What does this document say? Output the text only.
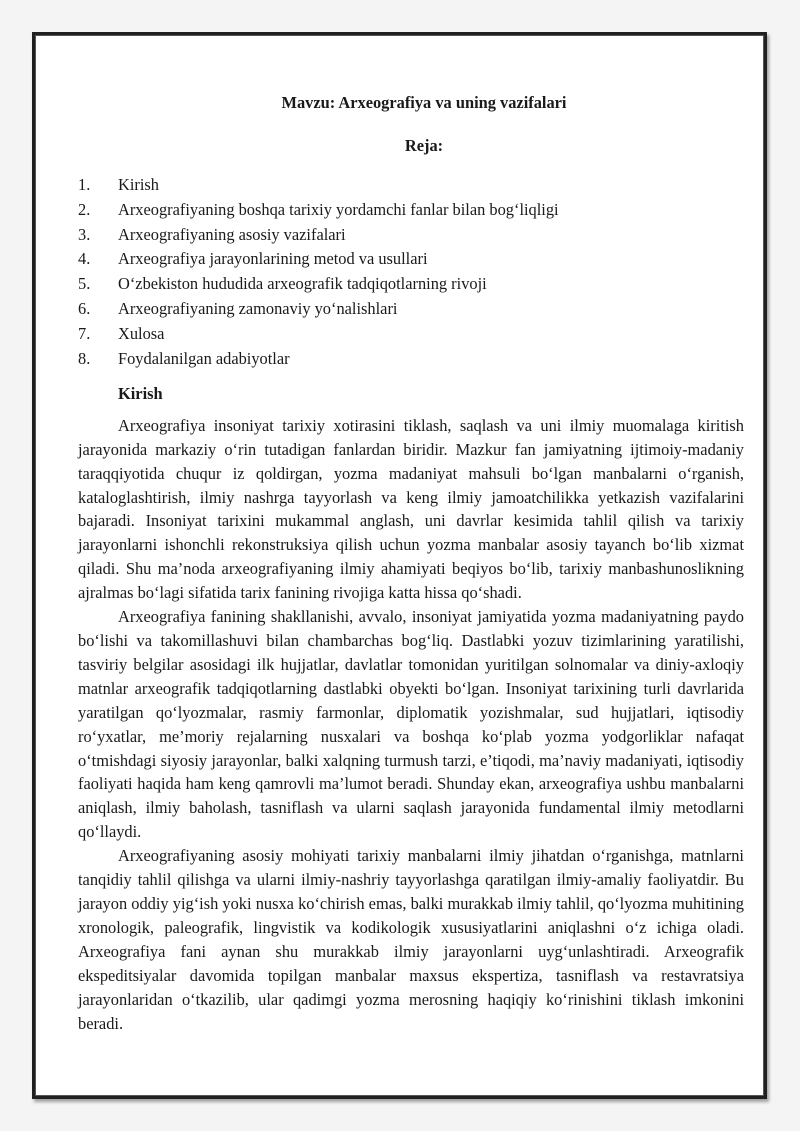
Mavzu: Arxeografiya va uning vazifalari
Reja:
1.	Kirish
2.	Arxeografiyaning boshqa tarixiy yordamchi fanlar bilan bog‘liqligi
3.	Arxeografiyaning asosiy vazifalari
4.	Arxeografiya jarayonlarining metod va usullari
5.	O‘zbekiston hududida arxeografik tadqiqotlarning rivoji
6.	Arxeografiyaning zamonaviy yo‘nalishlari
7.	Xulosa
8.	Foydalanilgan adabiyotlar
Kirish

Arxeografiya insoniyat tarixiy xotirasini tiklash, saqlash va uni ilmiy muomalaga kiritish jarayonida markaziy o‘rin tutadigan fanlardan biridir. Mazkur fan jamiyatning ijtimoiy-madaniy taraqqiyotida chuqur iz qoldirgan, yozma madaniyat mahsuli bo‘lgan manbalarni o‘rganish, kataloglashtirish, ilmiy nashrga tayyorlash va keng ilmiy jamoatchilikka yetkazish vazifalarini bajaradi. Insoniyat tarixini mukammal anglash, uni davrlar kesimida tahlil qilish va tarixiy jarayonlarni ishonchli rekonstruksiya qilish uchun yozma manbalar asosiy tayanch bo‘lib xizmat qiladi. Shu ma’noda arxeografiyaning ilmiy ahamiyati beqiyos bo‘lib, tarixiy manbashunoslikning ajralmas bo‘lagi sifatida tarix fanining rivojiga katta hissa qo‘shadi.

Arxeografiya fanining shakllanishi, avvalo, insoniyat jamiyatida yozma madaniyatning paydo bo‘lishi va takomillashuvi bilan chambarchas bog‘liq. Dastlabki yozuv tizimlarining yaratilishi, tasviriy belgilar asosidagi ilk hujjatlar, davlatlar tomonidan yuritilgan solnomalar va diniy-axloqiy matnlar arxeografik tadqiqotlarning dastlabki obyekti bo‘lgan. Insoniyat tarixining turli davrlarida yaratilgan qo‘lyozmalar, rasmiy farmonlar, diplomatik yozishmalar, sud hujjatlari, iqtisodiy ro‘yxatlar, me’moriy rejalarning nusxalari va boshqa ko‘plab yozma yodgorliklar nafaqat o‘tmishdagi siyosiy jarayonlar, balki xalqning turmush tarzi, e’tiqodi, ma’naviy madaniyati, iqtisodiy faoliyati haqida ham keng qamrovli ma’lumot beradi. Shunday ekan, arxeografiya ushbu manbalarni aniqlash, ilmiy baholash, tasniflash va ularni saqlash jarayonida fundamental ilmiy metodlarni qo‘llaydi.

Arxeografiyaning asosiy mohiyati tarixiy manbalarni ilmiy jihatdan o‘rganishga, matnlarni tanqidiy tahlil qilishga va ularni ilmiy-nashriy tayyorlashga qaratilgan ilmiy-amaliy faoliyatdir. Bu jarayon oddiy yig‘ish yoki nusxa ko‘chirish emas, balki murakkab ilmiy tahlil, qo‘lyozma muhitining xronologik, paleografik, lingvistik va kodikologik xususiyatlarini aniqlashni o‘z ichiga oladi. Arxeografiya fani aynan shu murakkab ilmiy jarayonlarni uyg‘unlashtiradi. Arxeografik ekspeditsiyalar davomida topilgan manbalar maxsus ekspertiza, tasniflash va restavratsiya jarayonlaridan o‘tkazilib, ular qadimgi yozma merosning haqiqiy ko‘rinishini tiklash imkonini beradi.
